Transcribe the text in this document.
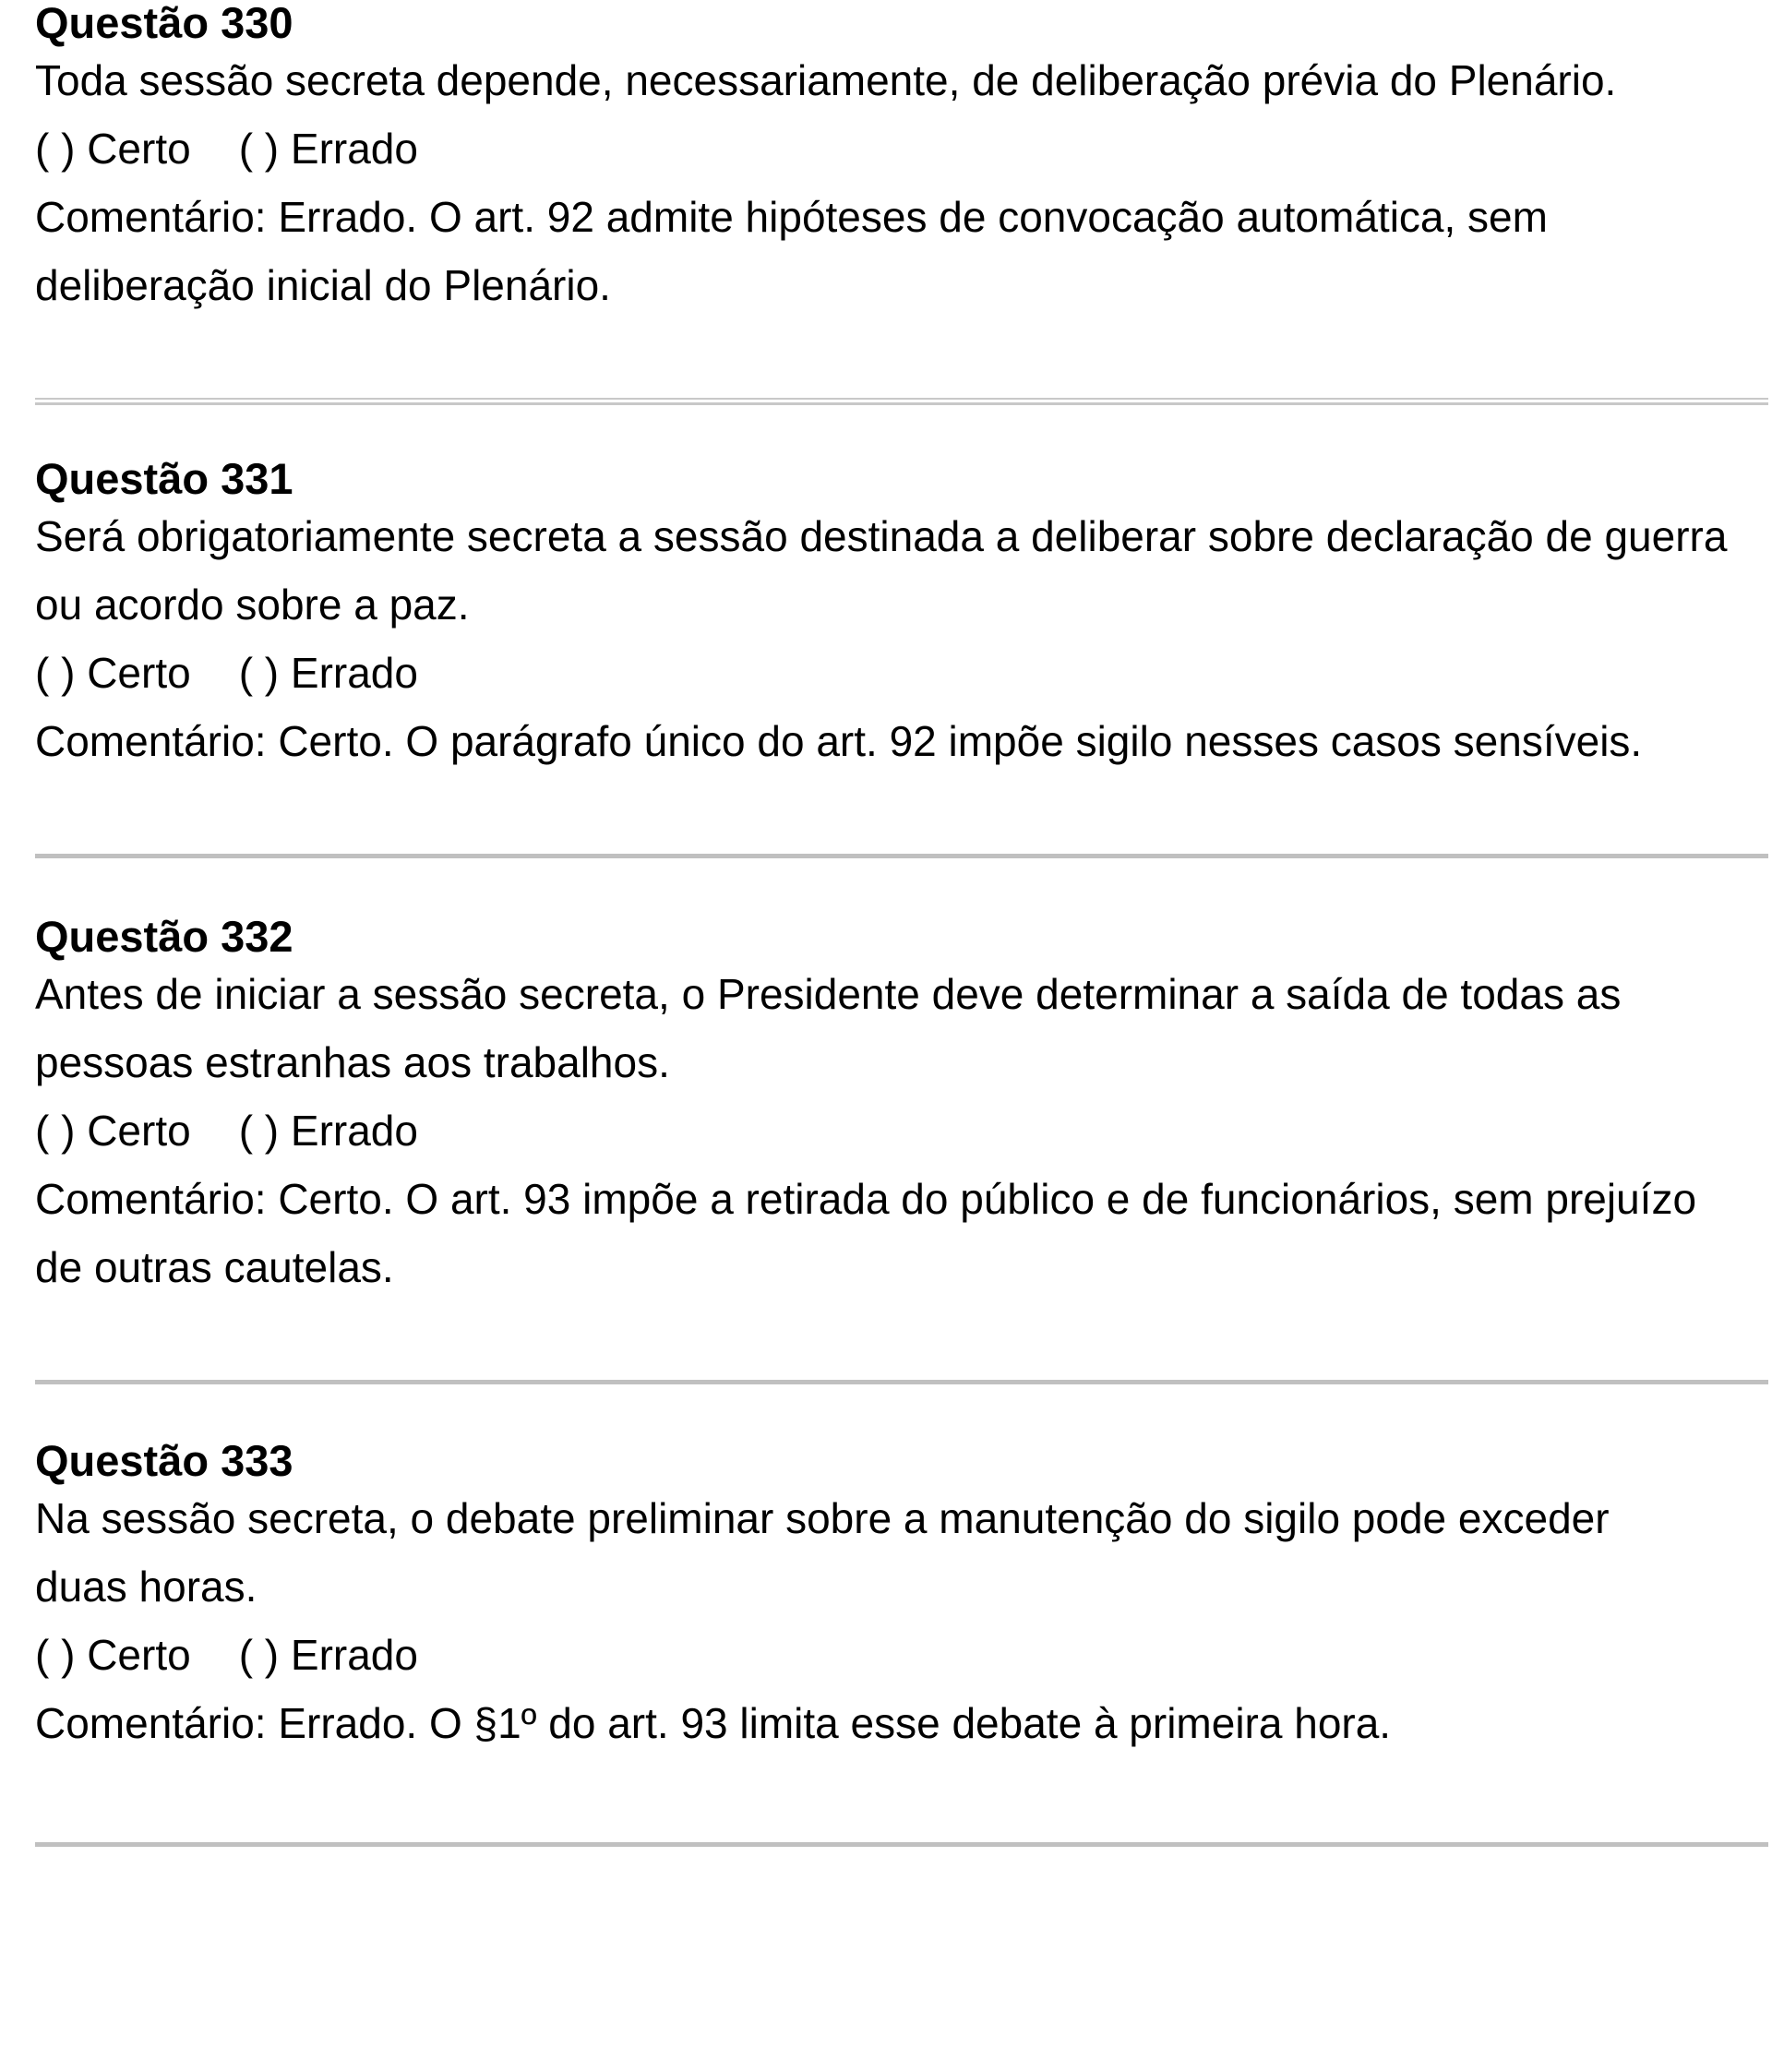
Questão 330

Toda sessão secreta depende, necessariamente, de deliberação prévia do Plenário.

( ) Certo ( ) Errado

Comentário: Errado. O art. 92 admite hipóteses de convocação automática, sem deliberação inicial do Plenário.

Questão 331

Será obrigatoriamente secreta a sessão destinada a deliberar sobre declaração de guerra ou acordo sobre a paz.

( ) Certo ( ) Errado

Comentário: Certo. O parágrafo único do art. 92 impõe sigilo nesses casos sensíveis.

Questão 332

Antes de iniciar a sessão secreta, o Presidente deve determinar a saída de todas as pessoas estranhas aos trabalhos.

( ) Certo ( ) Errado

Comentário: Certo. O art. 93 impõe a retirada do público e de funcionários, sem prejuízo de outras cautelas.

Questão 333

Na sessão secreta, o debate preliminar sobre a manutenção do sigilo pode exceder duas horas.

( ) Certo ( ) Errado

Comentário: Errado. O §1º do art. 93 limita esse debate à primeira hora.
